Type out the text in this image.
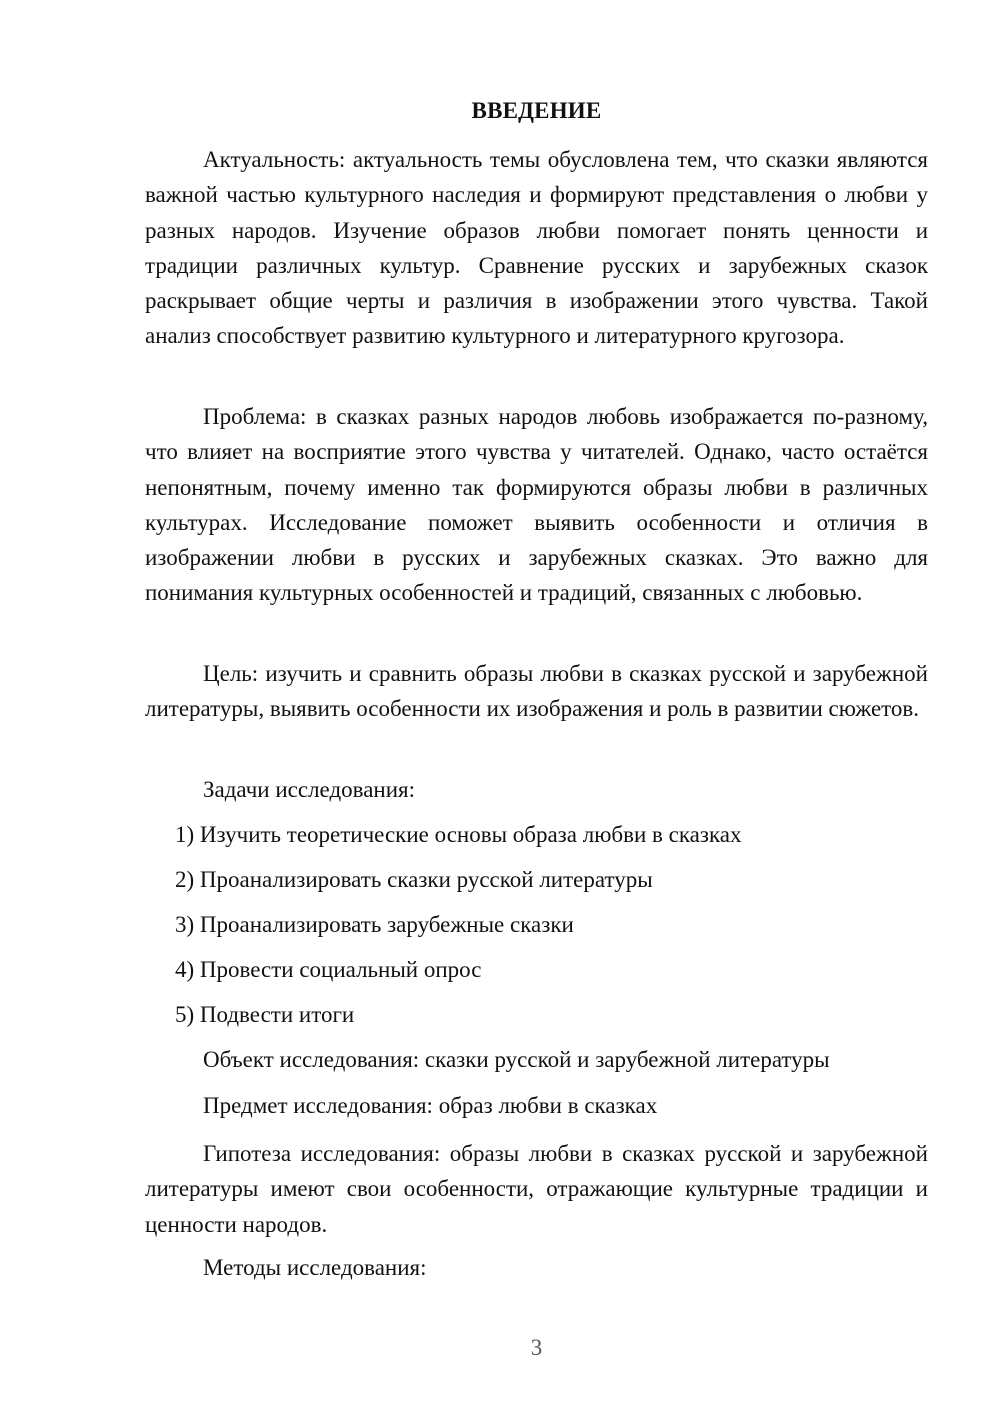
ВВЕДЕНИЕ

Актуальность: актуальность темы обусловлена тем, что сказки являются важной частью культурного наследия и формируют представления о любви у разных народов. Изучение образов любви помогает понять ценности и традиции различных культур. Сравнение русских и зарубежных сказок раскрывает общие черты и различия в изображении этого чувства. Такой анализ способствует развитию культурного и литературного кругозора.

Проблема: в сказках разных народов любовь изображается по-разному, что влияет на восприятие этого чувства у читателей. Однако, часто остаётся непонятным, почему именно так формируются образы любви в различных культурах. Исследование поможет выявить особенности и отличия в изображении любви в русских и зарубежных сказках. Это важно для понимания культурных особенностей и традиций, связанных с любовью.

Цель: изучить и сравнить образы любви в сказках русской и зарубежной литературы, выявить особенности их изображения и роль в развитии сюжетов.

Задачи исследования:

1) Изучить теоретические основы образа любви в сказках

2) Проанализировать сказки русской литературы

3) Проанализировать зарубежные сказки

4) Провести социальный опрос

5) Подвести итоги

Объект исследования: сказки русской и зарубежной литературы

Предмет исследования: образ любви в сказках

Гипотеза исследования: образы любви в сказках русской и зарубежной литературы имеют свои особенности, отражающие культурные традиции и ценности народов.

Методы исследования:

3
